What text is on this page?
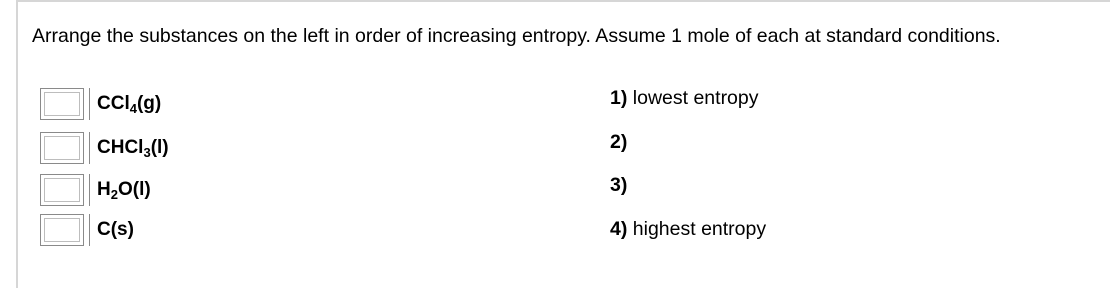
Arrange the substances on the left in order of increasing entropy. Assume 1 mole of each at standard conditions.
CCl$_4$(g)
CHCl$_3$(l)
$H_2O(l)$
C(s)
1) lowest entropy
2)
3)
4) highest entropy
